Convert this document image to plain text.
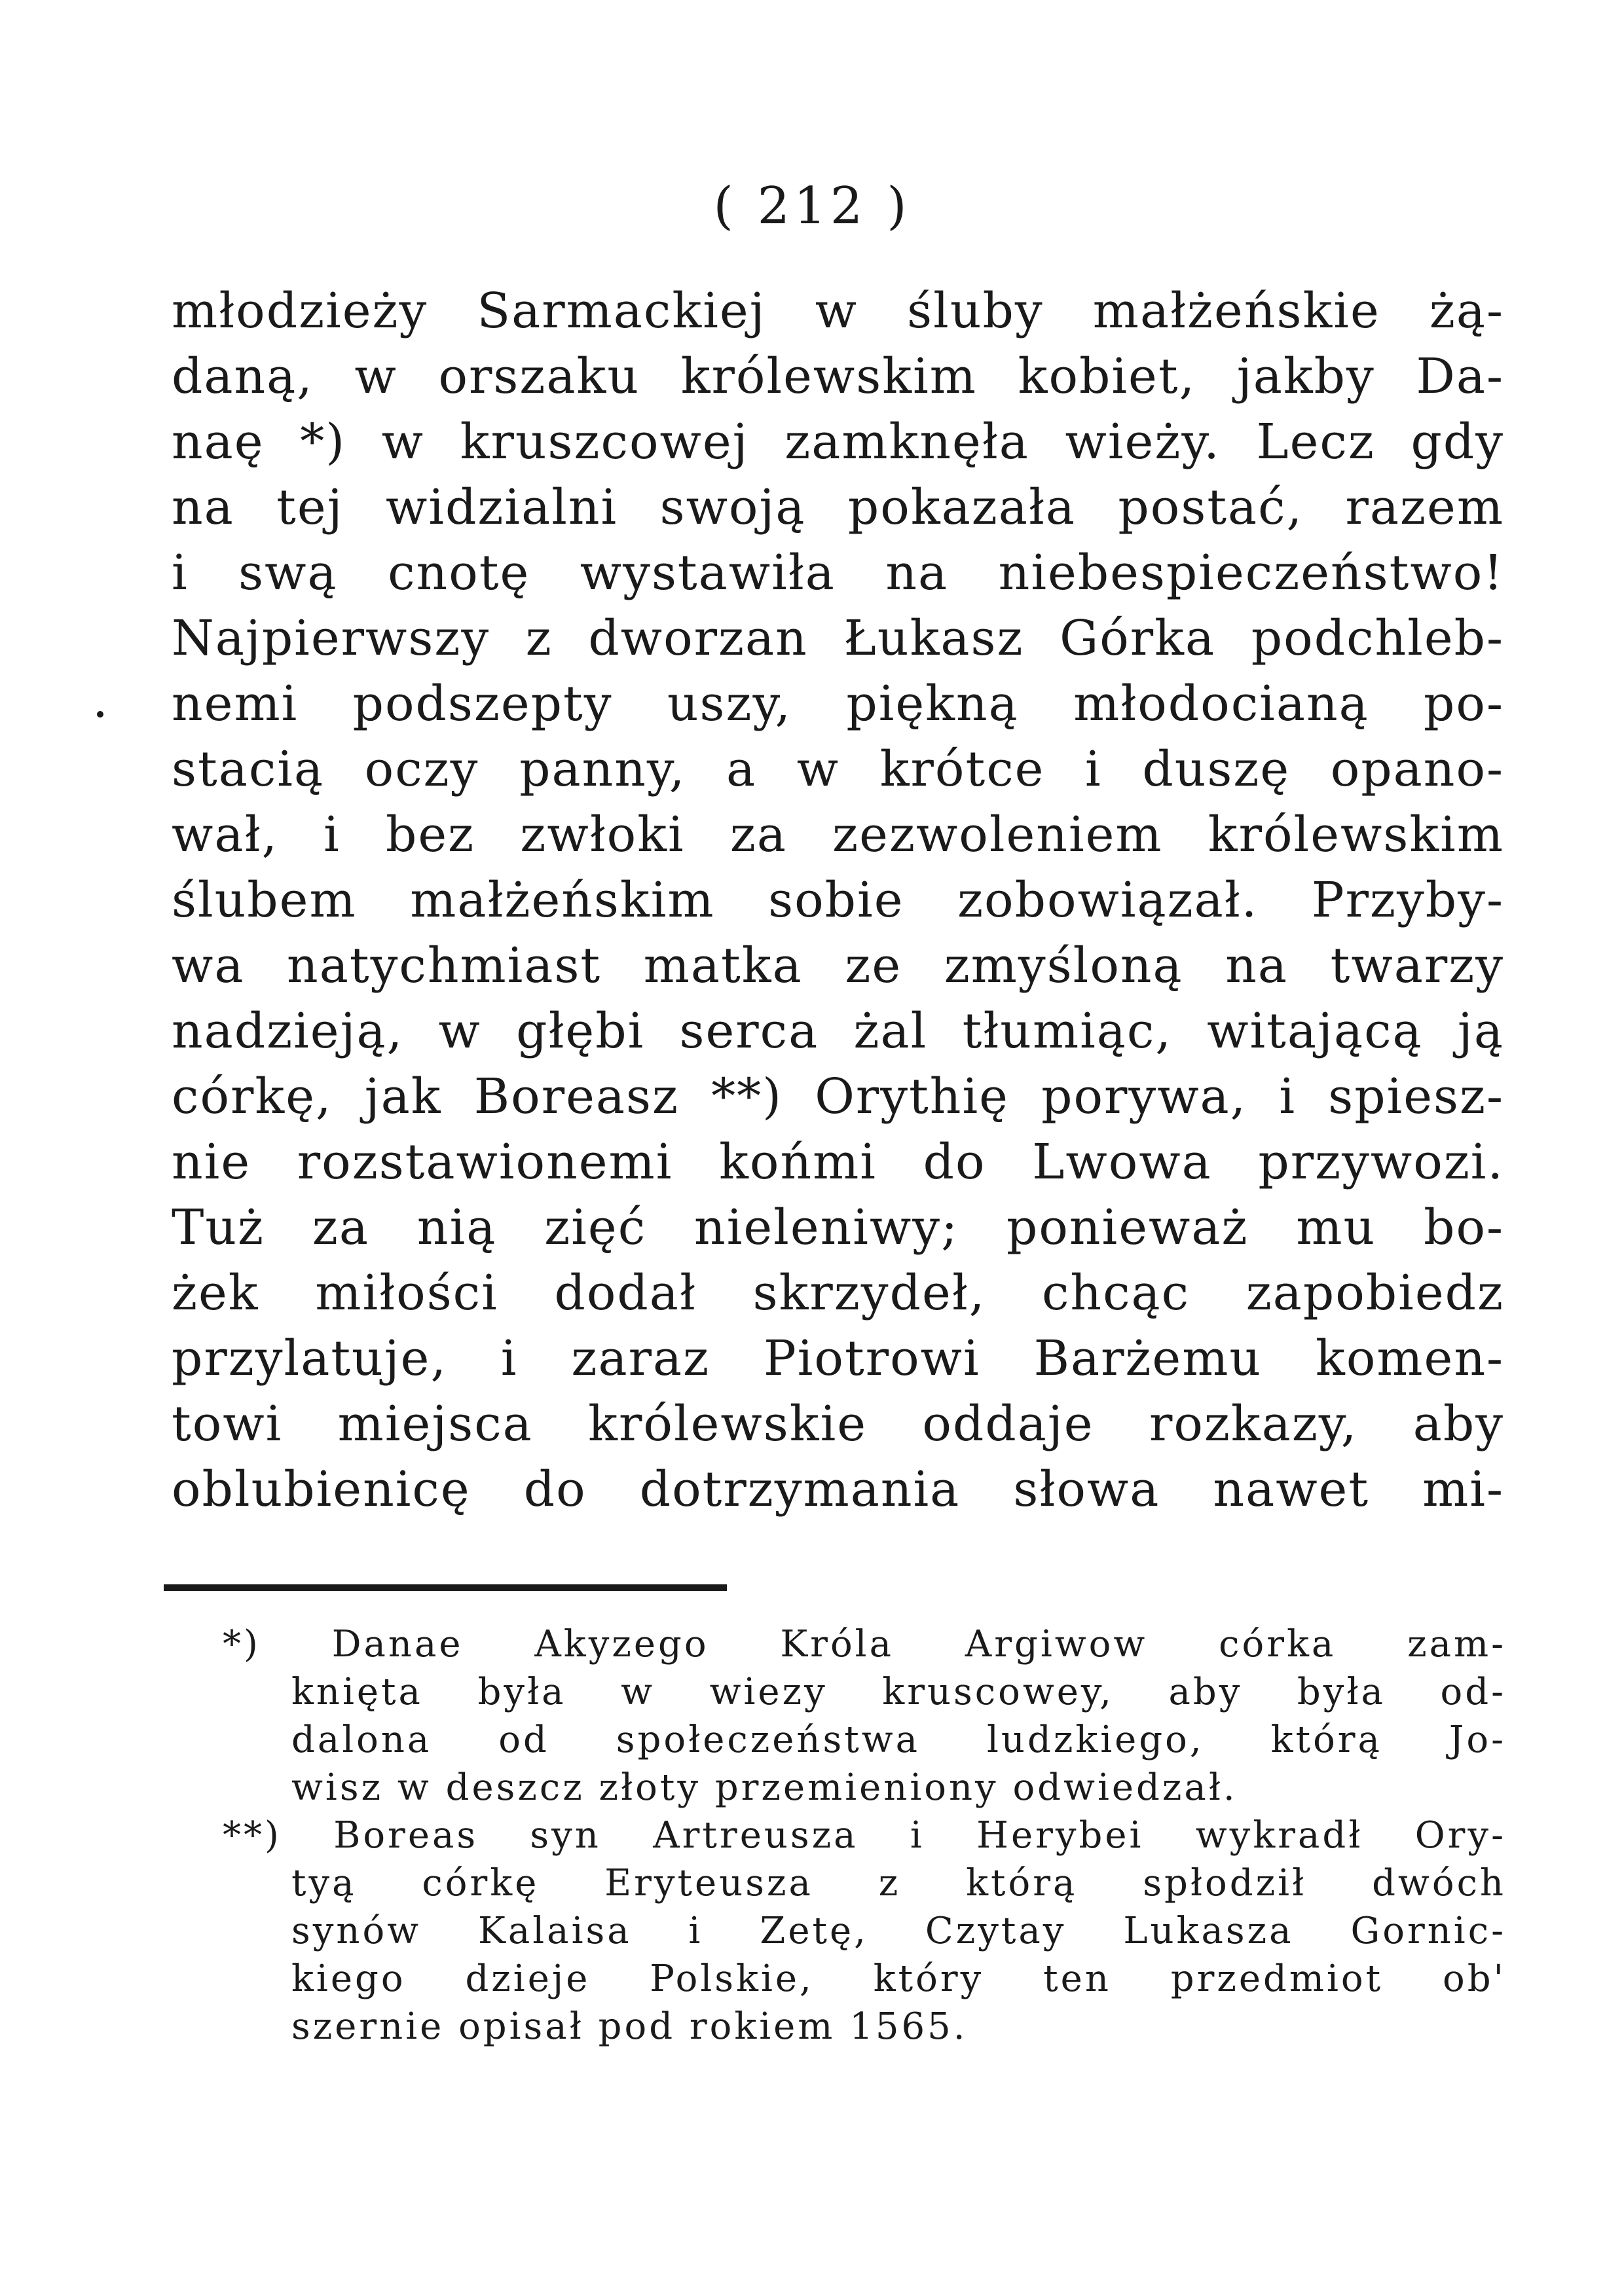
( 212 )
młodzieży Sarmackiej w śluby małżeńskie żą-
daną, w orszaku królewskim kobiet, jakby Da-
naę *) w kruszcowej zamknęła wieży. Lecz gdy
na tej widzialni swoją pokazała postać, razem
i swą cnotę wystawiła na niebespieczeństwo!
Najpierwszy z dworzan Łukasz Górka podchleb-
nemi podszepty uszy, piękną młodocianą po-
stacią oczy panny, a w krótce i duszę opano-
wał, i bez zwłoki za zezwoleniem królewskim
ślubem małżeńskim sobie zobowiązał. Przyby-
wa natychmiast matka ze zmyśloną na twarzy
nadzieją, w głębi serca żal tłumiąc, witającą ją
córkę, jak Boreasz **) Orythię porywa, i spiesz-
nie rozstawionemi końmi do Lwowa przywozi.
Tuż za nią zięć nieleniwy; ponieważ mu bo-
żek miłości dodał skrzydeł, chcąc zapobiedz
przylatuje, i zaraz Piotrowi Barżemu komen-
towi miejsca królewskie oddaje rozkazy, aby
oblubienicę do dotrzymania słowa nawet mi-
*) Danae Akyzego Króla Argiwow córka zam-
knięta była w wiezy kruscowey, aby była od-
dalona od społeczeństwa ludzkiego, którą Jo-
wisz w deszcz złoty przemieniony odwiedzał.
**) Boreas syn Artreusza i Herybei wykradł Ory-
tyą córkę Eryteusza z którą spłodził dwóch
synów Kalaisa i Zetę, Czytay Lukasza Gornic-
kiego dzieje Polskie, który ten przedmiot ob'
szernie opisał pod rokiem 1565.
